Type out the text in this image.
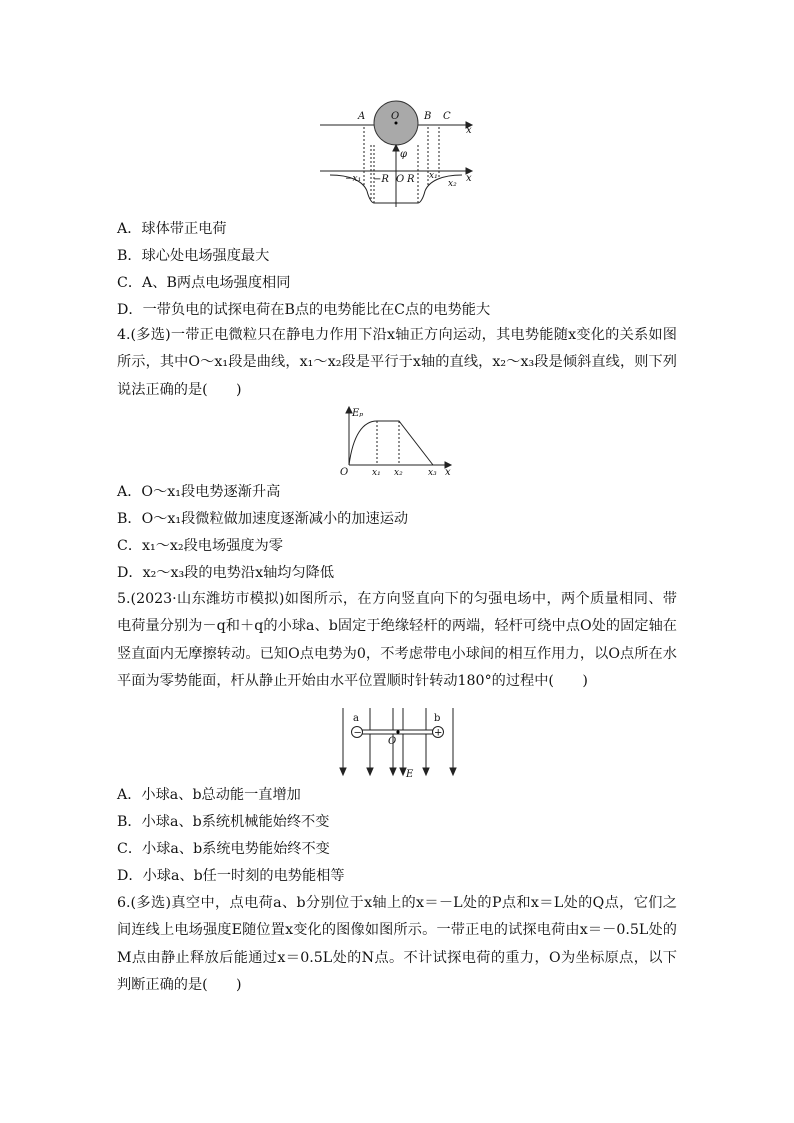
A	O B C
x
φ
−x₁ −R O R x₁
x₂ x
A．球体带正电荷
B．球心处电场强度最大
C．A、B两点电场强度相同
D．一带负电的试探电荷在B点的电势能比在C点的电势能大
4.(多选)一带正电微粒只在静电力作用下沿x轴正方向运动，其电势能随x变化的关系如图所示，其中O～x₁段是曲线，x₁～x₂段是平行于x轴的直线，x₂～x₃段是倾斜直线，则下列说法正确的是(　　)
Eₚ
O	x₁ x₂	x₃ x
A．O～x₁段电势逐渐升高
B．O～x₁段微粒做加速度逐渐减小的加速运动
C．x₁～x₂段电场强度为零
D．x₂～x₃段的电势沿x轴均匀降低
5.(2023·山东潍坊市模拟)如图所示，在方向竖直向下的匀强电场中，两个质量相同、带电荷量分别为－q和＋q的小球a、b固定于绝缘轻杆的两端，轻杆可绕中点O处的固定轴在竖直面内无摩擦转动。已知O点电势为0，不考虑带电小球间的相互作用力，以O点所在水平面为零势能面，杆从静止开始由水平位置顺时针转动180°的过程中(　　)
−	+
a	b
O
E
A．小球a、b总动能一直增加
B．小球a、b系统机械能始终不变
C．小球a、b系统电势能始终不变
D．小球a、b任一时刻的电势能相等
6.(多选)真空中，点电荷a、b分别位于x轴上的x＝－L处的P点和x＝L处的Q点，它们之间连线上电场强度E随位置x变化的图像如图所示。一带正电的试探电荷由x＝－0.5L处的M点由静止释放后能通过x＝0.5L处的N点。不计试探电荷的重力，O为坐标原点，以下判断正确的是(　　)
